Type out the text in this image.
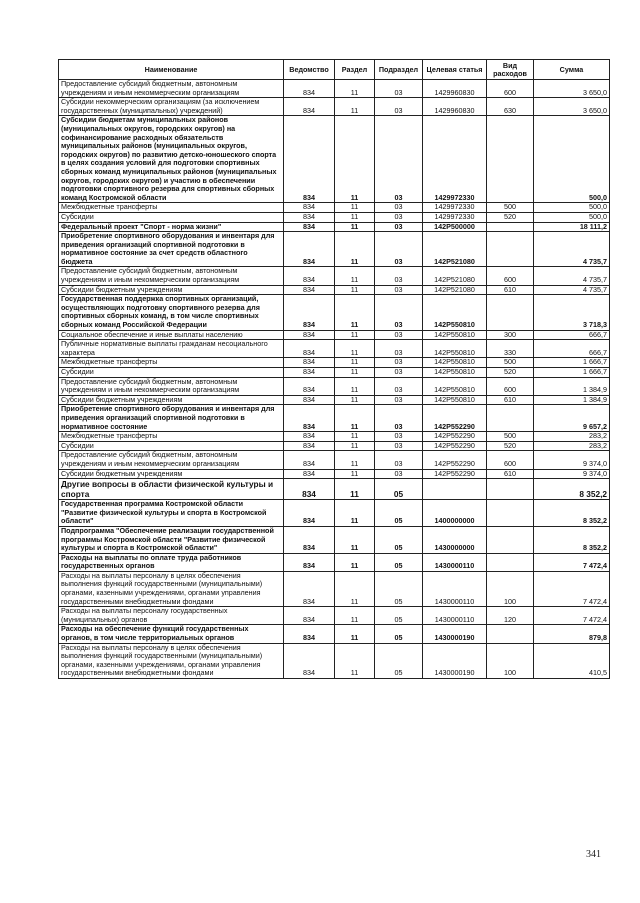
Наименование	Ведомство	Раздел	Подраздел	Целевая статья	Вид расходов	Сумма
Предоставление субсидий бюджетным, автономным учреждениям и иным некоммерческим организациям	834	11	03	1429960830	600	3 650,0
Субсидии некоммерческим организациям (за исключением государственных (муниципальных) учреждений)	834	11	03	1429960830	630	3 650,0
Субсидии бюджетам муниципальных районов (муниципальных округов, городских округов) на софинансирование расходных обязательств муниципальных районов (муниципальных округов, городских округов) по развитию детско-юношеского спорта в целях создания условий для подготовки спортивных сборных команд муниципальных районов (муниципальных округов, городских округов) и участию в обеспечении подготовки спортивного резерва для спортивных сборных команд Костромской области	834	11	03	1429972330		500,0
Межбюджетные трансферты	834	11	03	1429972330	500	500,0
Субсидии	834	11	03	1429972330	520	500,0
Федеральный проект "Спорт - норма жизни"	834	11	03	142P500000		18 111,2
Приобретение спортивного оборудования и инвентаря для приведения организаций спортивной подготовки в нормативное состояние за счет средств областного бюджета	834	11	03	142P521080		4 735,7
Предоставление субсидий бюджетным, автономным учреждениям и иным некоммерческим организациям	834	11	03	142P521080	600	4 735,7
Субсидии бюджетным учреждениям	834	11	03	142P521080	610	4 735,7
Государственная поддержка спортивных организаций, осуществляющих подготовку спортивного резерва для спортивных сборных команд, в том числе спортивных сборных команд Российской Федерации	834	11	03	142P550810		3 718,3
Социальное обеспечение и иные выплаты населению	834	11	03	142P550810	300	666,7
Публичные нормативные выплаты гражданам несоциального характера	834	11	03	142P550810	330	666,7
Межбюджетные трансферты	834	11	03	142P550810	500	1 666,7
Субсидии	834	11	03	142P550810	520	1 666,7
Предоставление субсидий бюджетным, автономным учреждениям и иным некоммерческим организациям	834	11	03	142P550810	600	1 384,9
Субсидии бюджетным учреждениям	834	11	03	142P550810	610	1 384,9
Приобретение спортивного оборудования и инвентаря для приведения организаций спортивной подготовки в нормативное состояние	834	11	03	142P552290		9 657,2
Межбюджетные трансферты	834	11	03	142P552290	500	283,2
Субсидии	834	11	03	142P552290	520	283,2
Предоставление субсидий бюджетным, автономным учреждениям и иным некоммерческим организациям	834	11	03	142P552290	600	9 374,0
Субсидии бюджетным учреждениям	834	11	03	142P552290	610	9 374,0
Другие вопросы в области физической культуры и спорта	834	11	05			8 352,2
Государственная программа Костромской области "Развитие физической культуры и спорта в Костромской области"	834	11	05	1400000000		8 352,2
Подпрограмма "Обеспечение реализации государственной программы Костромской области "Развитие физической культуры и спорта в Костромской области"	834	11	05	1430000000		8 352,2
Расходы на выплаты по оплате труда работников государственных органов	834	11	05	1430000110		7 472,4
Расходы на выплаты персоналу в целях обеспечения выполнения функций государственными (муниципальными) органами, казенными учреждениями, органами управления государственными внебюджетными фондами	834	11	05	1430000110	100	7 472,4
Расходы на выплаты персоналу государственных (муниципальных) органов	834	11	05	1430000110	120	7 472,4
Расходы на обеспечение функций государственных органов, в том числе территориальных органов	834	11	05	1430000190		879,8
Расходы на выплаты персоналу в целях обеспечения выполнения функций государственными (муниципальными) органами, казенными учреждениями, органами управления государственными внебюджетными фондами	834	11	05	1430000190	100	410,5
341
